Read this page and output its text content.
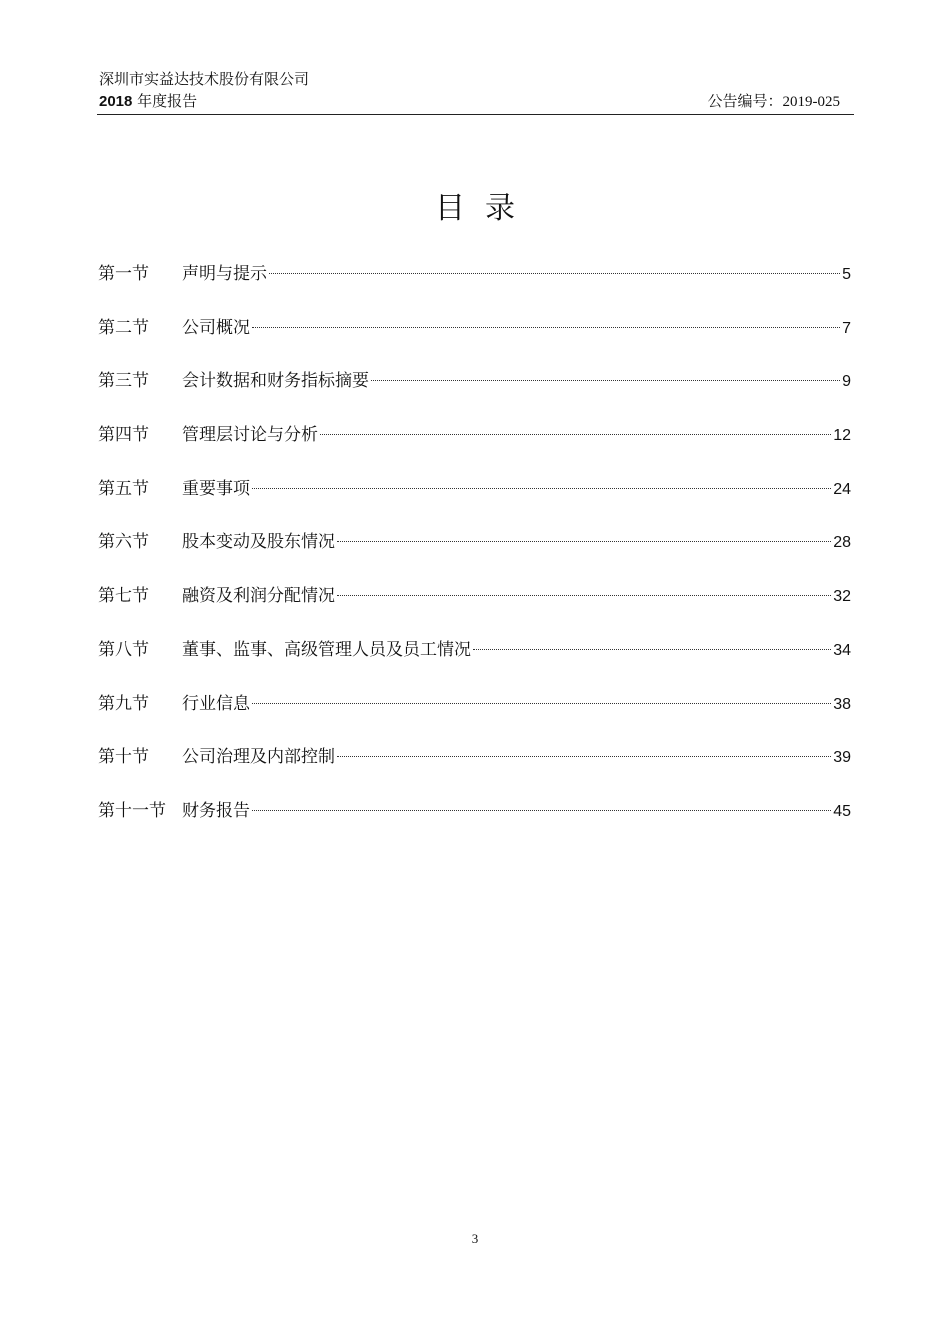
深圳市实益达技术股份有限公司
2018 年度报告	公告编号：2019-025
目录
第一节	声明与提示	5
第二节	公司概况	7
第三节	会计数据和财务指标摘要	9
第四节	管理层讨论与分析	12
第五节	重要事项	24
第六节	股本变动及股东情况	28
第七节	融资及利润分配情况	32
第八节	董事、监事、高级管理人员及员工情况	34
第九节	行业信息	38
第十节	公司治理及内部控制	39
第十一节 财务报告	45
3
